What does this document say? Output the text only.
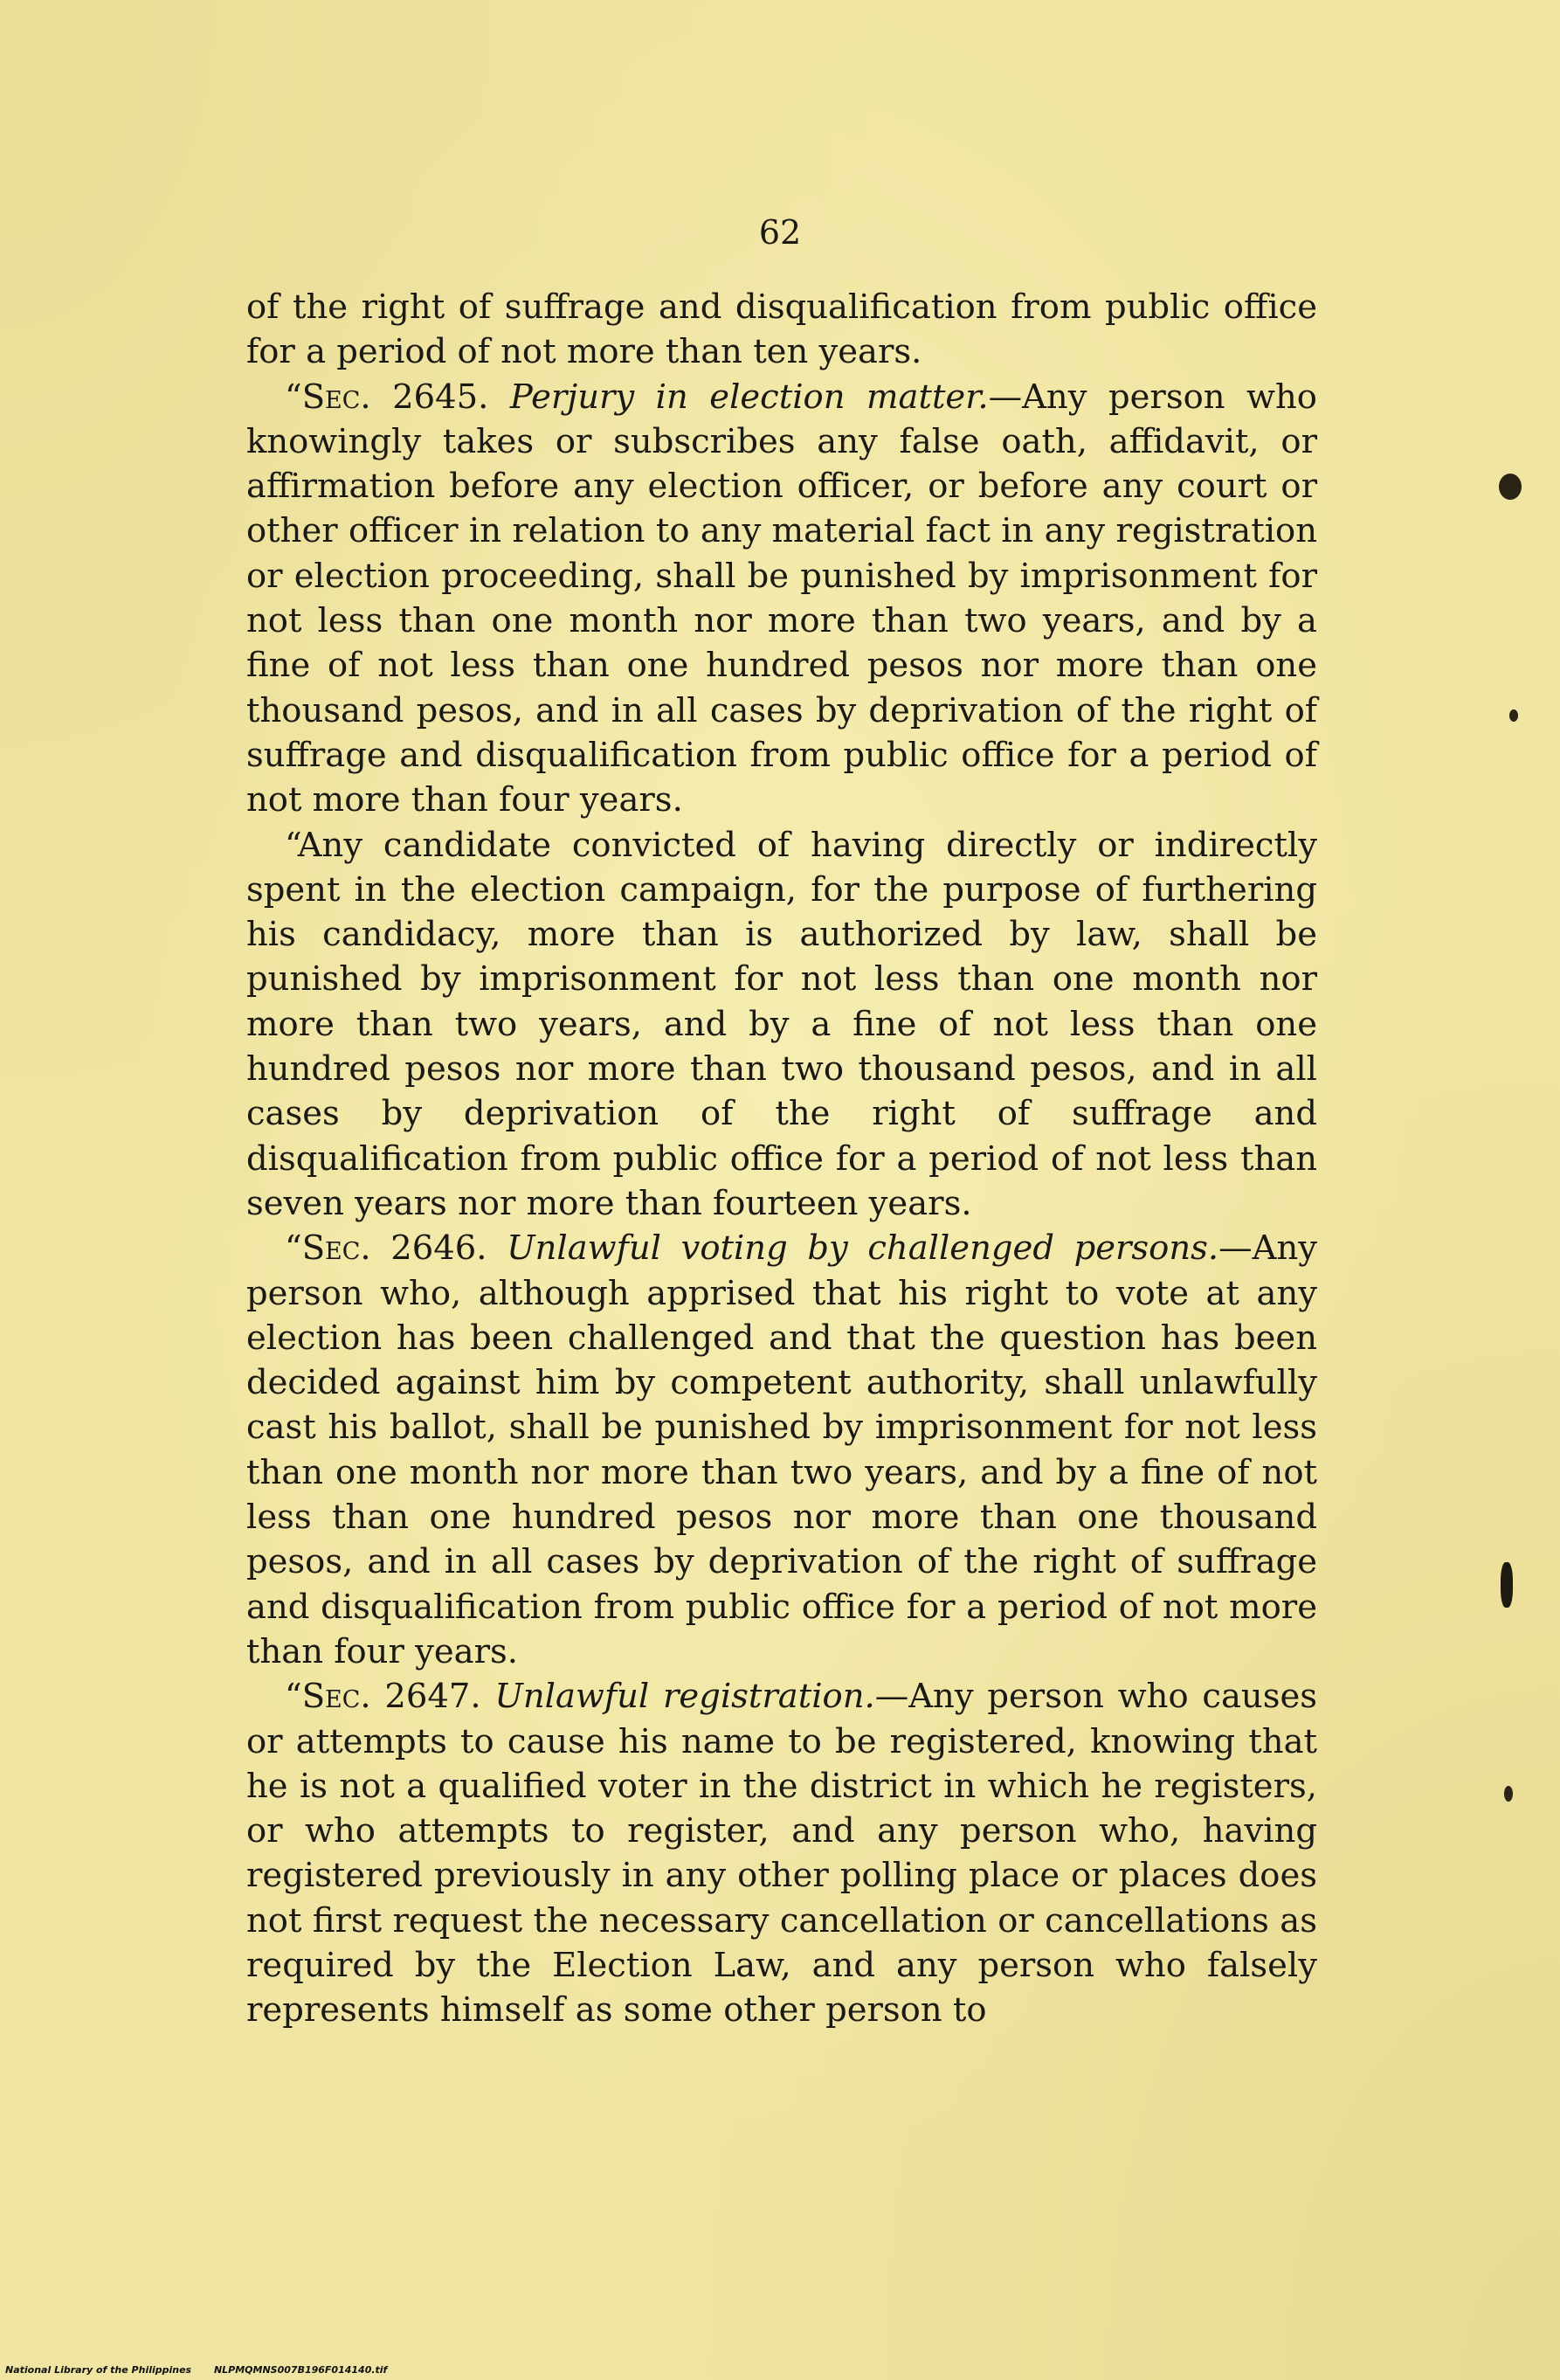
62

of the right of suffrage and disqualification from public office for a period of not more than ten years.

“Sec. 2645. Perjury in election matter.—Any person who knowingly takes or subscribes any false oath, affidavit, or affirmation before any election officer, or before any court or other officer in relation to any material fact in any registration or election proceeding, shall be punished by imprisonment for not less than one month nor more than two years, and by a fine of not less than one hundred pesos nor more than one thousand pesos, and in all cases by deprivation of the right of suffrage and disqualification from public office for a period of not more than four years.

“Any candidate convicted of having directly or indirectly spent in the election campaign, for the purpose of furthering his candidacy, more than is authorized by law, shall be punished by imprisonment for not less than one month nor more than two years, and by a fine of not less than one hundred pesos nor more than two thousand pesos, and in all cases by deprivation of the right of suffrage and disqualification from public office for a period of not less than seven years nor more than fourteen years.

“Sec. 2646. Unlawful voting by challenged persons.—Any person who, although apprised that his right to vote at any election has been challenged and that the question has been decided against him by competent authority, shall unlawfully cast his ballot, shall be punished by imprisonment for not less than one month nor more than two years, and by a fine of not less than one hundred pesos nor more than one thousand pesos, and in all cases by deprivation of the right of suffrage and disqualification from public office for a period of not more than four years.

“Sec. 2647. Unlawful registration.—Any person who causes or attempts to cause his name to be registered, knowing that he is not a qualified voter in the district in which he registers, or who attempts to register, and any person who, having registered previously in any other polling place or places does not first request the necessary cancellation or cancellations as required by the Election Law, and any person who falsely represents himself as some other person to

National Library of the Philippines NLPMQMNS007B196F014140.tif
